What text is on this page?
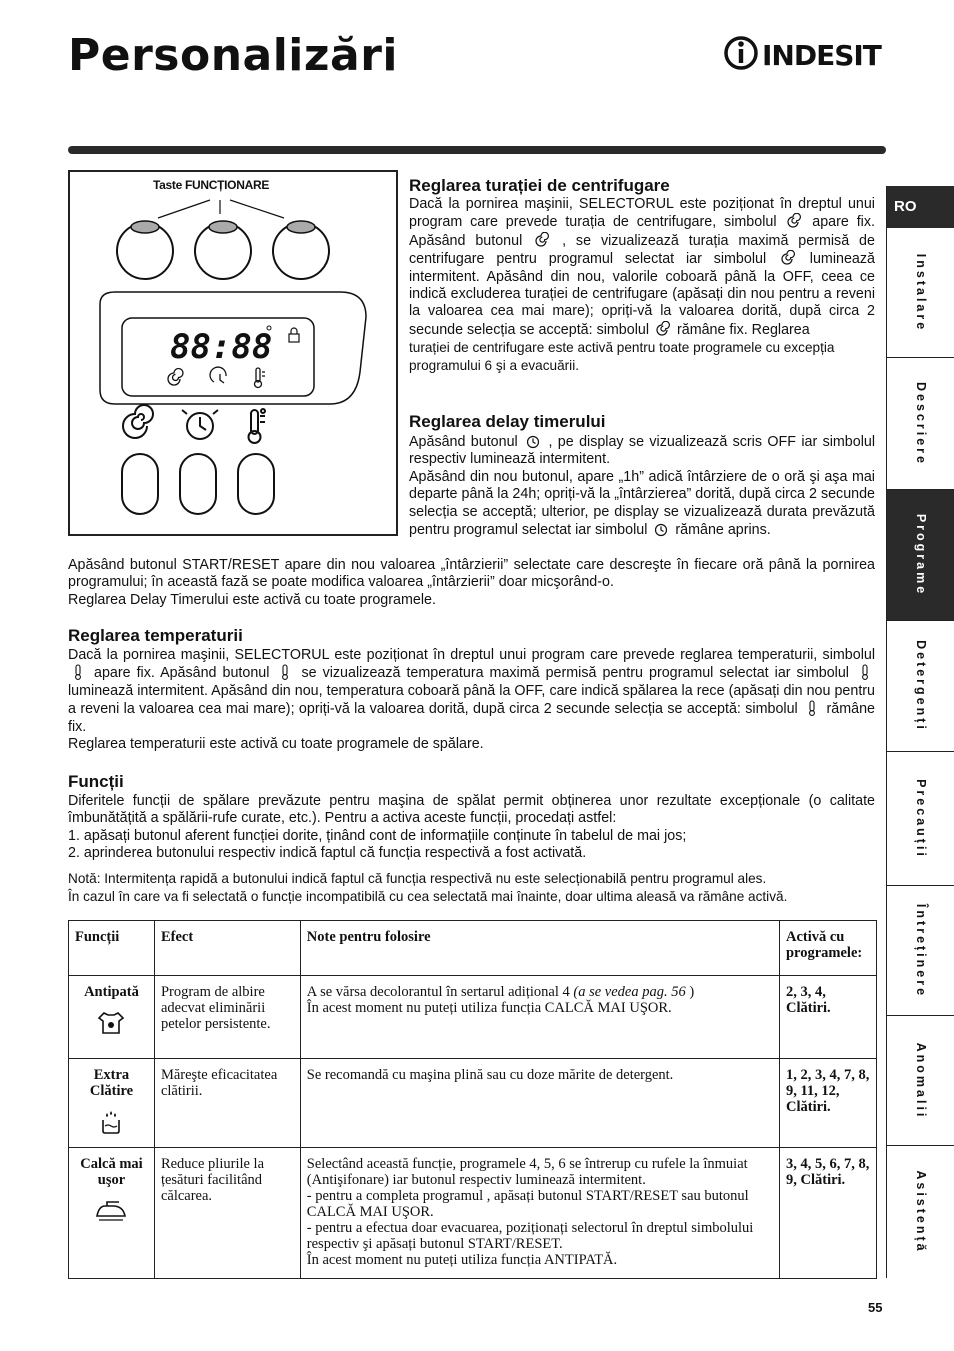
Personalizări	INDESIT
Taste FUNCȚIONARE
88:88
Reglarea turației de centrifugare

Dacă la pornirea maşinii, SELECTORUL este poziționat în dreptul unui program care prevede turația de centrifugare, simbolul	apare fix. Apăsând butonul	, se vizualizează turația maximă permisă de centrifugare pentru programul selectat iar simbolul	luminează intermitent. Apăsând din nou, valorile coboară până la OFF, ceea ce indică excluderea turației de centrifugare (apăsați din nou pentru a reveni la valoarea cea mai mare); opriți-vă la valoarea dorită, după circa 2 secunde selecția se acceptă: simbolul rămâne fix. Reglarea
turației de centrifugare este activă pentru toate programele cu excepția programului 6 şi a evacuării.

Reglarea delay timerului

Apăsând butonul , pe display se vizualizează scris OFF iar simbolul respectiv luminează intermitent.
Apăsând din nou butonul, apare „1h” adică întârziere de o oră şi aşa mai departe până la 24h; opriți-vă la „întârzierea” dorită, după circa 2 secunde selecția se acceptă; ulterior, pe display se vizualizează durata prevăzută pentru programul selectat iar simbolul rămâne aprins.

Apăsând butonul START/RESET apare din nou valoarea „întârzierii” selectate care descreşte în fiecare oră până la pornirea programului; în această fază se poate modifica valoarea „întârzierii” doar micşorând-o.
Reglarea Delay Timerului este activă cu toate programele.

Reglarea temperaturii

Dacă la pornirea maşinii, SELECTORUL este poziționat în dreptul unui program care prevede reglarea temperaturii, simbolul  apare fix. Apăsând butonul se vizualizează temperatura maximă permisă pentru programul selectat iar simbolul  luminează intermitent. Apăsând din nou, temperatura coboară până la OFF, care indică spălarea la rece (apăsați din nou pentru a reveni la valoarea cea mai mare); opriți-vă la valoarea dorită, după circa 2 secunde selecția se acceptă: simbolul rămâne fix.
Reglarea temperaturii este activă cu toate programele de spălare.

Funcții

Diferitele funcții de spălare prevăzute pentru maşina de spălat permit obținerea unor rezultate excepționale (o calitate îmbunătățită a spălării-rufe curate, etc.). Pentru a activa aceste funcții, procedați astfel:
1. apăsați butonul aferent funcției dorite, ținând cont de informațiile conținute în tabelul de mai jos;
2. aprinderea butonului respectiv indică faptul că funcția respectivă a fost activată.

Notă: Intermitența rapidă a butonului indică faptul că funcția respectivă nu este selecționabilă pentru programul ales.
În cazul în care va fi selectată o funcție incompatibilă cu cea selectată mai înainte, doar ultima aleasă va rămâne activă.

Funcții	Efect	Note pentru folosire	Activă cu programele:

Antipată	Program de albire adecvat eliminării petelor persistente.	A se vărsa decolorantul în sertarul adițional 4 (a se vedea pag. 56 )
În acest moment nu puteți utiliza funcția CALCĂ MAI UŞOR.	2, 3, 4, Clătiri.

Extra Clătire	Măreşte eficacitatea clătirii.	Se recomandă cu maşina plină sau cu doze mărite de detergent.	1, 2, 3, 4, 7, 8, 9, 11, 12, Clătiri.

Calcă mai uşor	Reduce pliurile la țesături facilitând călcarea.	Selectând această funcție, programele 4, 5, 6 se întrerup cu rufele la înmuiat (Antişifonare) iar butonul respectiv luminează intermitent.
- pentru a completa programul , apăsați butonul START/RESET sau butonul CALCĂ MAI UŞOR.
- pentru a efectua doar evacuarea, poziționați selectorul în dreptul simbolului respectiv şi apăsați butonul START/RESET.
În acest moment nu puteți utiliza funcția ANTIPATĂ.	3, 4, 5, 6, 7, 8, 9, Clătiri.
RO
Instalare
Descriere
Programe
Detergenți
Precauții
Întreținere
Anomalii
Asistență
55
